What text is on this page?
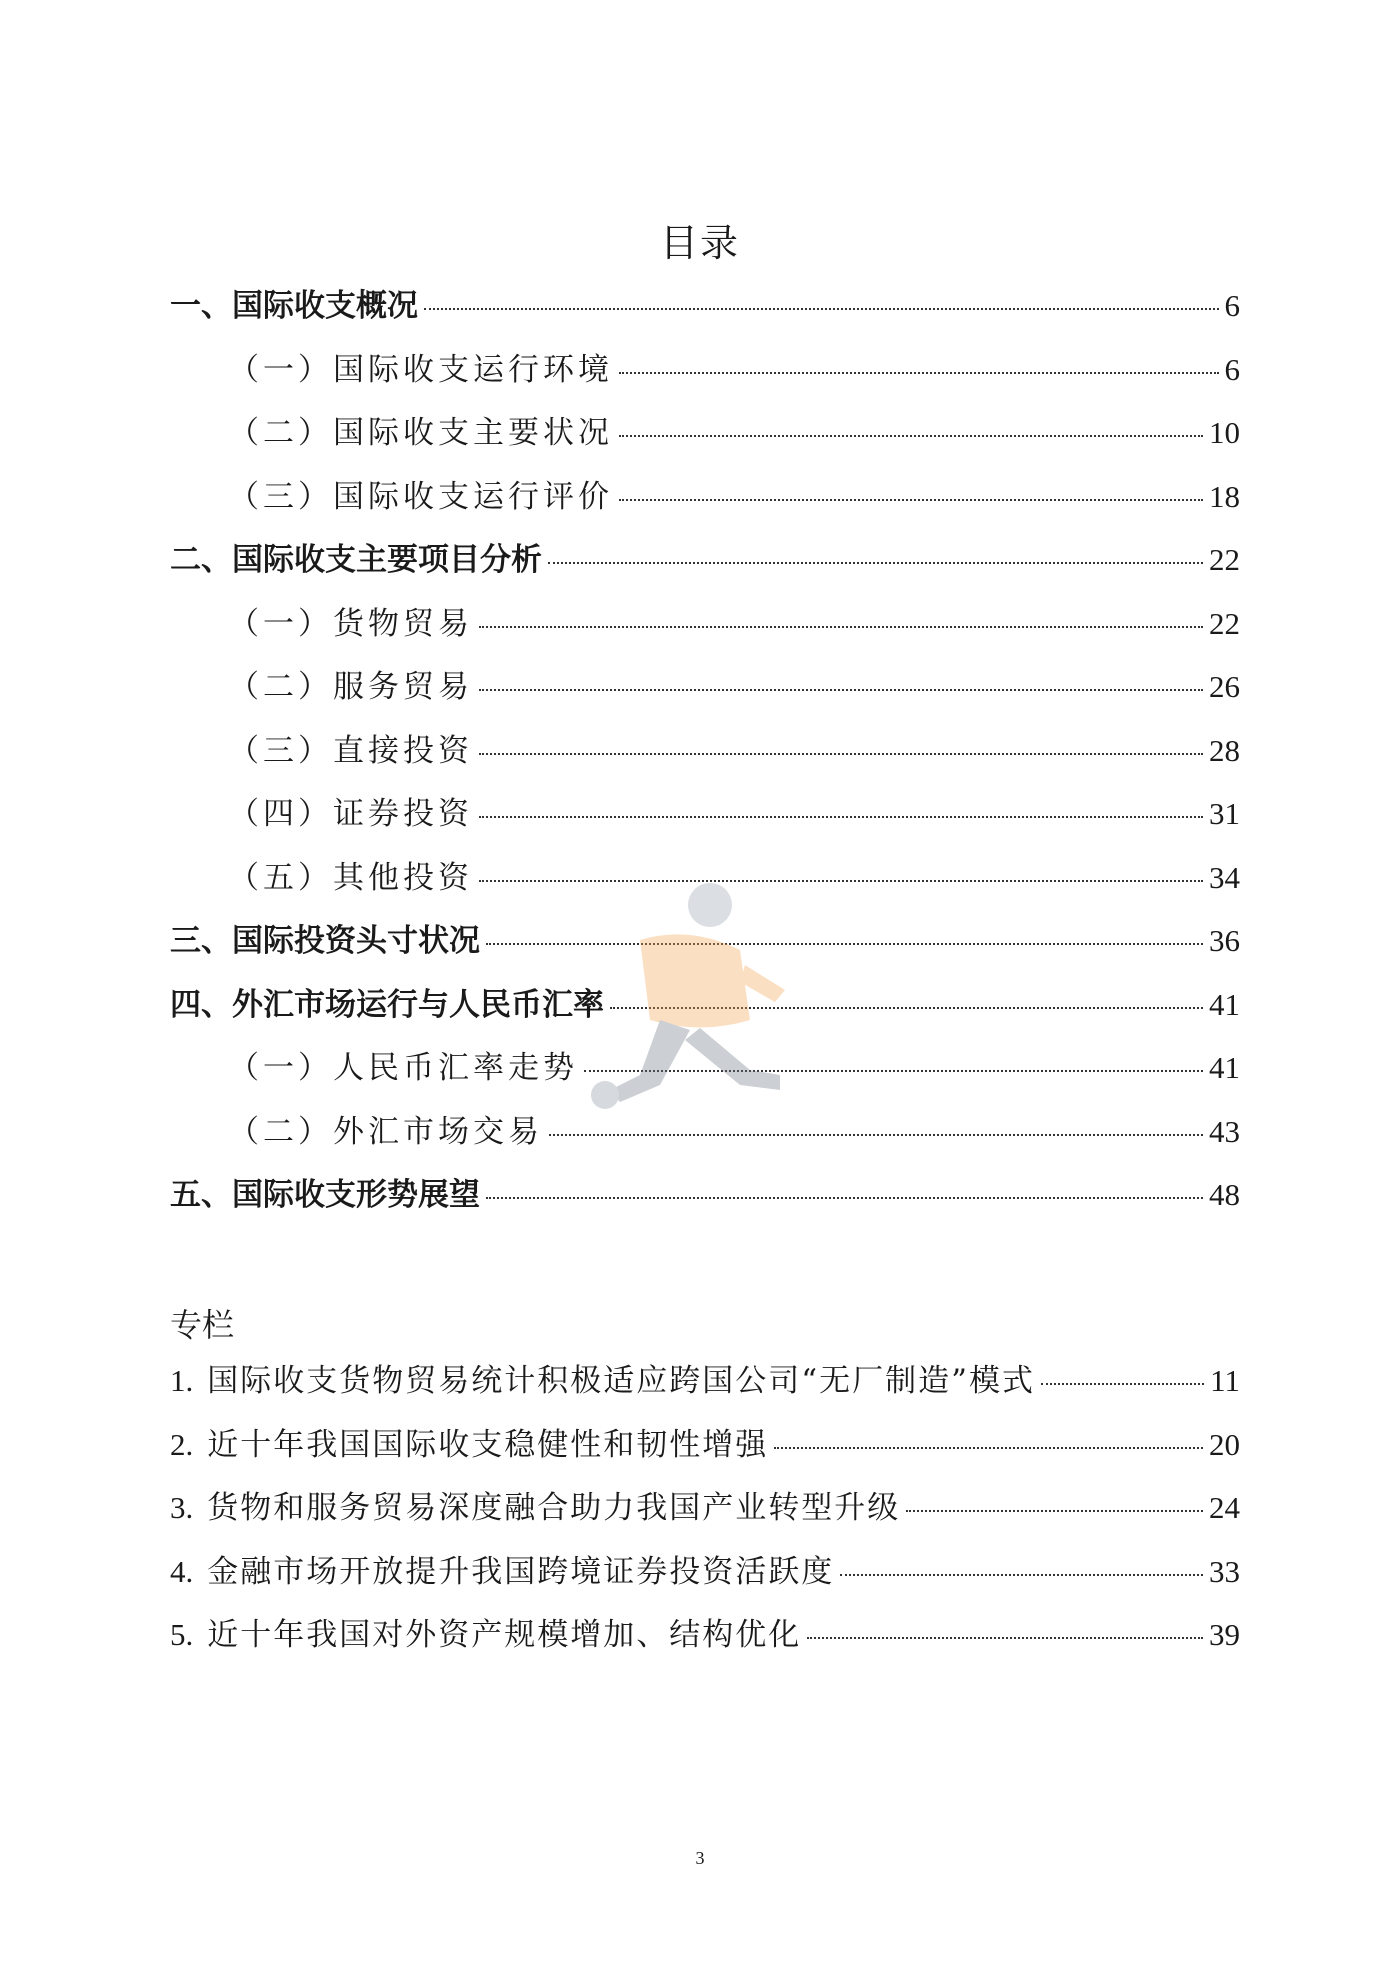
目录
一、国际收支概况	6
（一）国际收支运行环境	6
（二）国际收支主要状况	10
（三）国际收支运行评价	18
二、国际收支主要项目分析	22
（一）货物贸易	22
（二）服务贸易	26
（三）直接投资	28
（四）证券投资	31
（五）其他投资	34
三、国际投资头寸状况	36
四、外汇市场运行与人民币汇率	41
（一）人民币汇率走势	41
（二）外汇市场交易	43
五、国际收支形势展望	48
专栏
1. 国际收支货物贸易统计积极适应跨国公司“无厂制造”模式	11
2. 近十年我国国际收支稳健性和韧性增强	20
3. 货物和服务贸易深度融合助力我国产业转型升级	24
4. 金融市场开放提升我国跨境证券投资活跃度	33
5. 近十年我国对外资产规模增加、结构优化	39
3
